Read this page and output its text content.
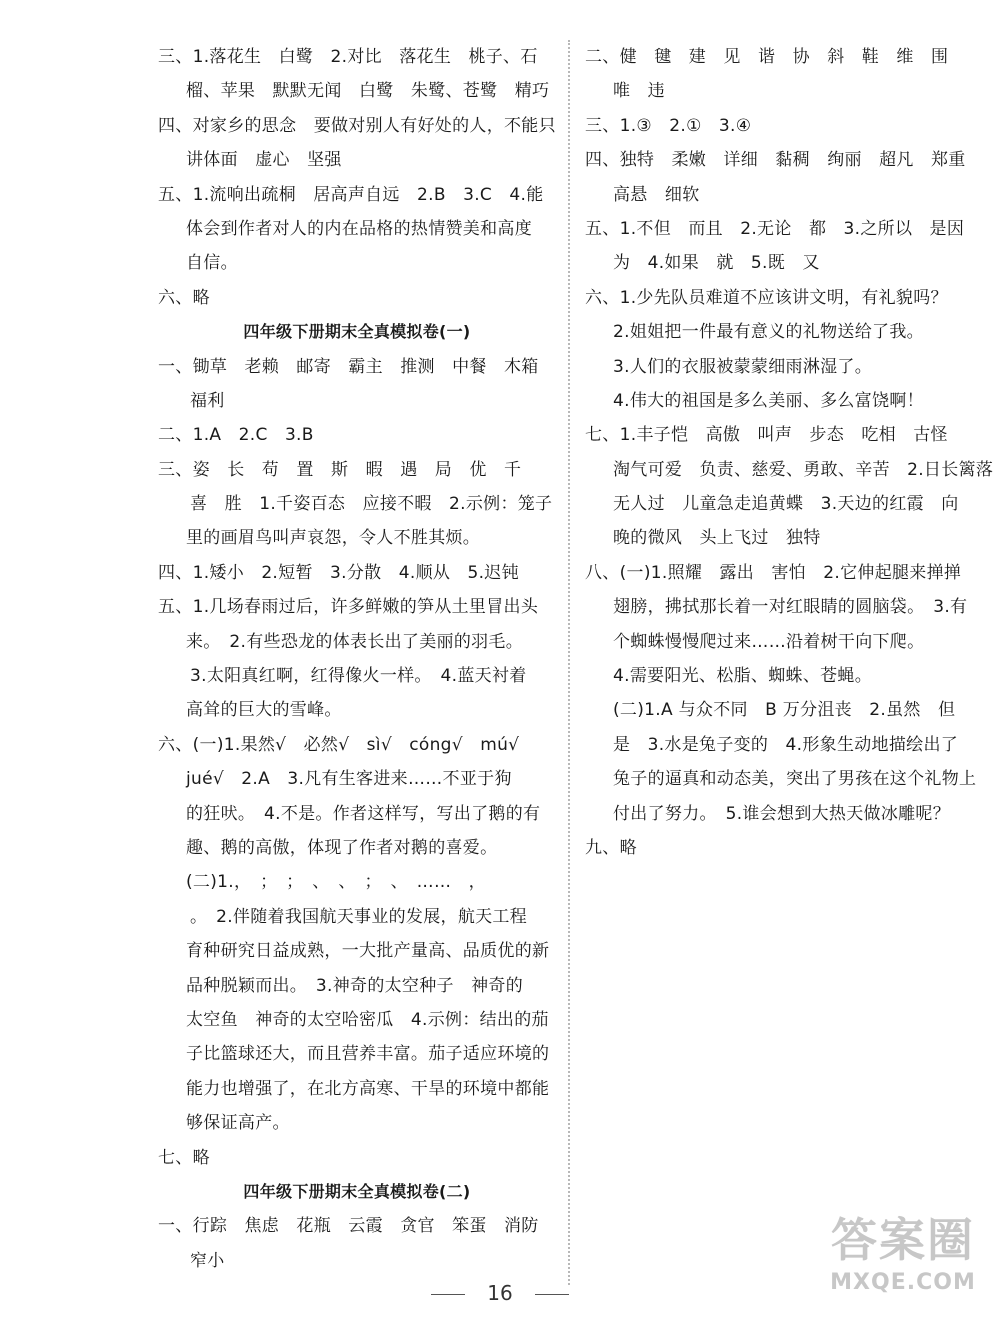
三、1.落花生　白鹭　2.对比　落花生　桃子、石
榴、苹果　默默无闻　白鹭　朱鹭、苍鹭　精巧
四、对家乡的思念　要做对别人有好处的人，不能只
讲体面　虚心　坚强
五、1.流响出疏桐　居高声自远　2.B　3.C　4.能
体会到作者对人的内在品格的热情赞美和高度
自信。
六、略
四年级下册期末全真模拟卷(一)
一、锄草　老赖　邮寄　霸主　推测　中餐　木箱
福利
二、1.A　2.C　3.B
三、姿　长　苟　置　斯　暇　遇　局　优　千
喜　胜　1.千姿百态　应接不暇　2.示例：笼子
里的画眉鸟叫声哀怨，令人不胜其烦。
四、1.矮小　2.短暂　3.分散　4.顺从　5.迟钝
五、1.几场春雨过后，许多鲜嫩的笋从土里冒出头
来。　2.有些恐龙的体表长出了美丽的羽毛。
3.太阳真红啊，红得像火一样。　4.蓝天衬着
高耸的巨大的雪峰。
六、(一)1.果然√　必然√　sì√　cóng√　mú√
jué√　2.A　3.凡有生客进来……不亚于狗
的狂吠。　4.不是。作者这样写，写出了鹅的有
趣、鹅的高傲，体现了作者对鹅的喜爱。
(二)1.，　；　；　、　、　；　、　……　，
。　2.伴随着我国航天事业的发展，航天工程
育种研究日益成熟，一大批产量高、品质优的新
品种脱颖而出。　3.神奇的太空种子　神奇的
太空鱼　神奇的太空哈密瓜　4.示例：结出的茄
子比篮球还大，而且营养丰富。茄子适应环境的
能力也增强了，在北方高寒、干旱的环境中都能
够保证高产。
七、略
四年级下册期末全真模拟卷(二)
一、行踪　焦虑　花瓶　云霞　贪官　笨蛋　消防
窄小
二、健　毽　建　见　谐　协　斜　鞋　维　围
唯　违
三、1.③　2.①　3.④
四、独特　柔嫩　详细　黏稠　绚丽　超凡　郑重
高悬　细软
五、1.不但　而且　2.无论　都　3.之所以　是因
为　4.如果　就　5.既　又
六、1.少先队员难道不应该讲文明，有礼貌吗？
2.姐姐把一件最有意义的礼物送给了我。
3.人们的衣服被蒙蒙细雨淋湿了。
4.伟大的祖国是多么美丽、多么富饶啊！
七、1.丰子恺　高傲　叫声　步态　吃相　古怪
淘气可爱　负责、慈爱、勇敢、辛苦　2.日长篱落
无人过　儿童急走追黄蝶　3.天边的红霞　向
晚的微风　头上飞过　独特
八、(一)1.照耀　露出　害怕　2.它伸起腿来掸掸
翅膀，拂拭那长着一对红眼睛的圆脑袋。　3.有
个蜘蛛慢慢爬过来……沿着树干向下爬。
4.需要阳光、松脂、蜘蛛、苍蝇。
(二)1.A 与众不同　B 万分沮丧　2.虽然　但
是　3.水是兔子变的　4.形象生动地描绘出了
兔子的逼真和动态美，突出了男孩在这个礼物上
付出了努力。　5.谁会想到大热天做冰雕呢？
九、略
16
答案圈
MXQE.COM
